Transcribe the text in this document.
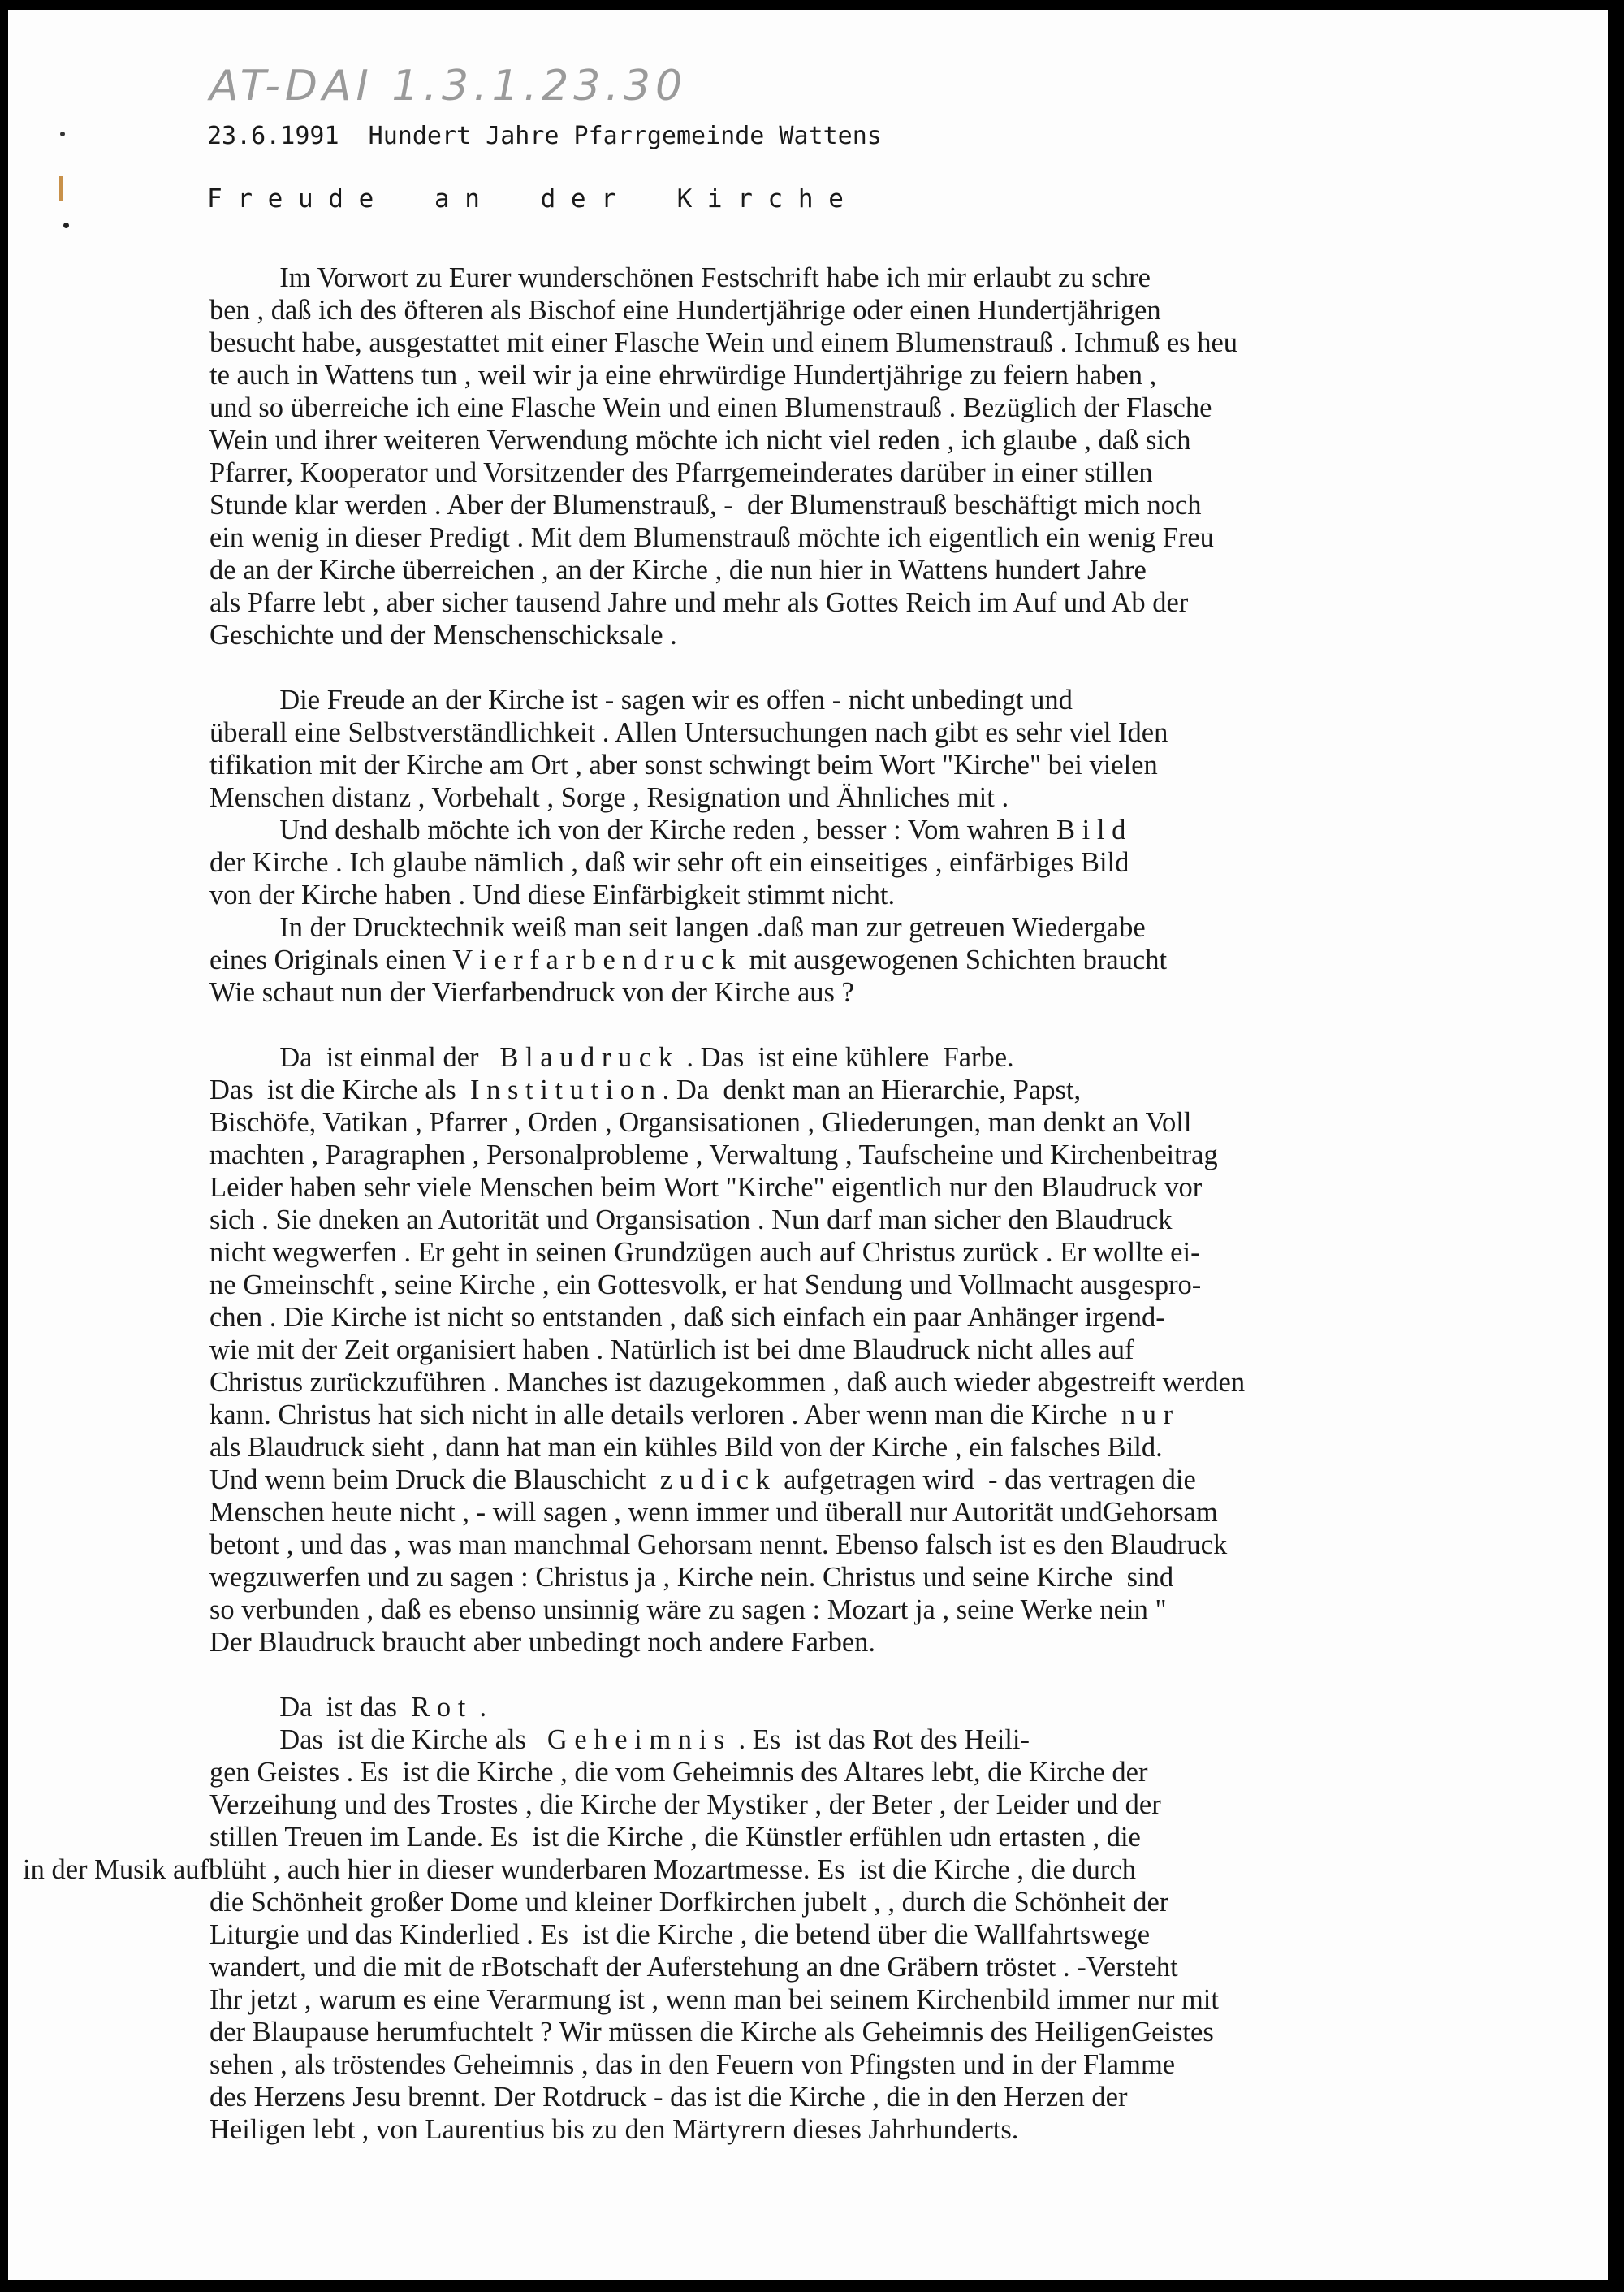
AT-DAI 1.3.1.23.30
23.6.1991  Hundert Jahre Pfarrgemeinde Wattens
F r e u d e    a n    d e r    K i r c h e
Im Vorwort zu Eurer wunderschönen Festschrift habe ich mir erlaubt zu schre
ben , daß ich des öfteren als Bischof eine Hundertjährige oder einen Hundertjährigen
besucht habe, ausgestattet mit einer Flasche Wein und einem Blumenstrauß . Ichmuß es heu
te auch in Wattens tun , weil wir ja eine ehrwürdige Hundertjährige zu feiern haben ,
und so überreiche ich eine Flasche Wein und einen Blumenstrauß . Bezüglich der Flasche
Wein und ihrer weiteren Verwendung möchte ich nicht viel reden , ich glaube , daß sich
Pfarrer, Kooperator und Vorsitzender des Pfarrgemeinderates darüber in einer stillen
Stunde klar werden . Aber der Blumenstrauß, -  der Blumenstrauß beschäftigt mich noch
ein wenig in dieser Predigt . Mit dem Blumenstrauß möchte ich eigentlich ein wenig Freu
de an der Kirche überreichen , an der Kirche , die nun hier in Wattens hundert Jahre
als Pfarre lebt , aber sicher tausend Jahre und mehr als Gottes Reich im Auf und Ab der
Geschichte und der Menschenschicksale .
Die Freude an der Kirche ist - sagen wir es offen - nicht unbedingt und
überall eine Selbstverständlichkeit . Allen Untersuchungen nach gibt es sehr viel Iden
tifikation mit der Kirche am Ort , aber sonst schwingt beim Wort "Kirche" bei vielen
Menschen distanz , Vorbehalt , Sorge , Resignation und Ähnliches mit .
Und deshalb möchte ich von der Kirche reden , besser : Vom wahren B i l d
der Kirche . Ich glaube nämlich , daß wir sehr oft ein einseitiges , einfärbiges Bild
von der Kirche haben . Und diese Einfärbigkeit stimmt nicht.
In der Drucktechnik weiß man seit langen .daß man zur getreuen Wiedergabe
eines Originals einen V i e r f a r b e n d r u c k  mit ausgewogenen Schichten braucht
Wie schaut nun der Vierfarbendruck von der Kirche aus ?
Da  ist einmal der   B l a u d r u c k  . Das  ist eine kühlere  Farbe.
Das  ist die Kirche als  I n s t i t u t i o n . Da  denkt man an Hierarchie, Papst,
Bischöfe, Vatikan , Pfarrer , Orden , Organsisationen , Gliederungen, man denkt an Voll
machten , Paragraphen , Personalprobleme , Verwaltung , Taufscheine und Kirchenbeitrag
Leider haben sehr viele Menschen beim Wort "Kirche" eigentlich nur den Blaudruck vor
sich . Sie dneken an Autorität und Organsisation . Nun darf man sicher den Blaudruck
nicht wegwerfen . Er geht in seinen Grundzügen auch auf Christus zurück . Er wollte ei-
ne Gmeinschft , seine Kirche , ein Gottesvolk, er hat Sendung und Vollmacht ausgespro-
chen . Die Kirche ist nicht so entstanden , daß sich einfach ein paar Anhänger irgend-
wie mit der Zeit organisiert haben . Natürlich ist bei dme Blaudruck nicht alles auf
Christus zurückzuführen . Manches ist dazugekommen , daß auch wieder abgestreift werden
kann. Christus hat sich nicht in alle details verloren . Aber wenn man die Kirche  n u r
als Blaudruck sieht , dann hat man ein kühles Bild von der Kirche , ein falsches Bild.
Und wenn beim Druck die Blauschicht  z u d i c k  aufgetragen wird  - das vertragen die
Menschen heute nicht , - will sagen , wenn immer und überall nur Autorität undGehorsam
betont , und das , was man manchmal Gehorsam nennt. Ebenso falsch ist es den Blaudruck
wegzuwerfen und zu sagen : Christus ja , Kirche nein. Christus und seine Kirche  sind
so verbunden , daß es ebenso unsinnig wäre zu sagen : Mozart ja , seine Werke nein "
Der Blaudruck braucht aber unbedingt noch andere Farben.
Da  ist das  R o t  .
Das  ist die Kirche als   G e h e i m n i s  . Es  ist das Rot des Heili-
gen Geistes . Es  ist die Kirche , die vom Geheimnis des Altares lebt, die Kirche der
Verzeihung und des Trostes , die Kirche der Mystiker , der Beter , der Leider und der
stillen Treuen im Lande. Es  ist die Kirche , die Künstler erfühlen udn ertasten , die
in der Musik aufblüht , auch hier in dieser wunderbaren Mozartmesse. Es  ist die Kirche , die durch
die Schönheit großer Dome und kleiner Dorfkirchen jubelt , , durch die Schönheit der
Liturgie und das Kinderlied . Es  ist die Kirche , die betend über die Wallfahrtswege
wandert, und die mit de rBotschaft der Auferstehung an dne Gräbern tröstet . -Versteht
Ihr jetzt , warum es eine Verarmung ist , wenn man bei seinem Kirchenbild immer nur mit
der Blaupause herumfuchtelt ? Wir müssen die Kirche als Geheimnis des HeiligenGeistes
sehen , als tröstendes Geheimnis , das in den Feuern von Pfingsten und in der Flamme
des Herzens Jesu brennt. Der Rotdruck - das ist die Kirche , die in den Herzen der
Heiligen lebt , von Laurentius bis zu den Märtyrern dieses Jahrhunderts.
